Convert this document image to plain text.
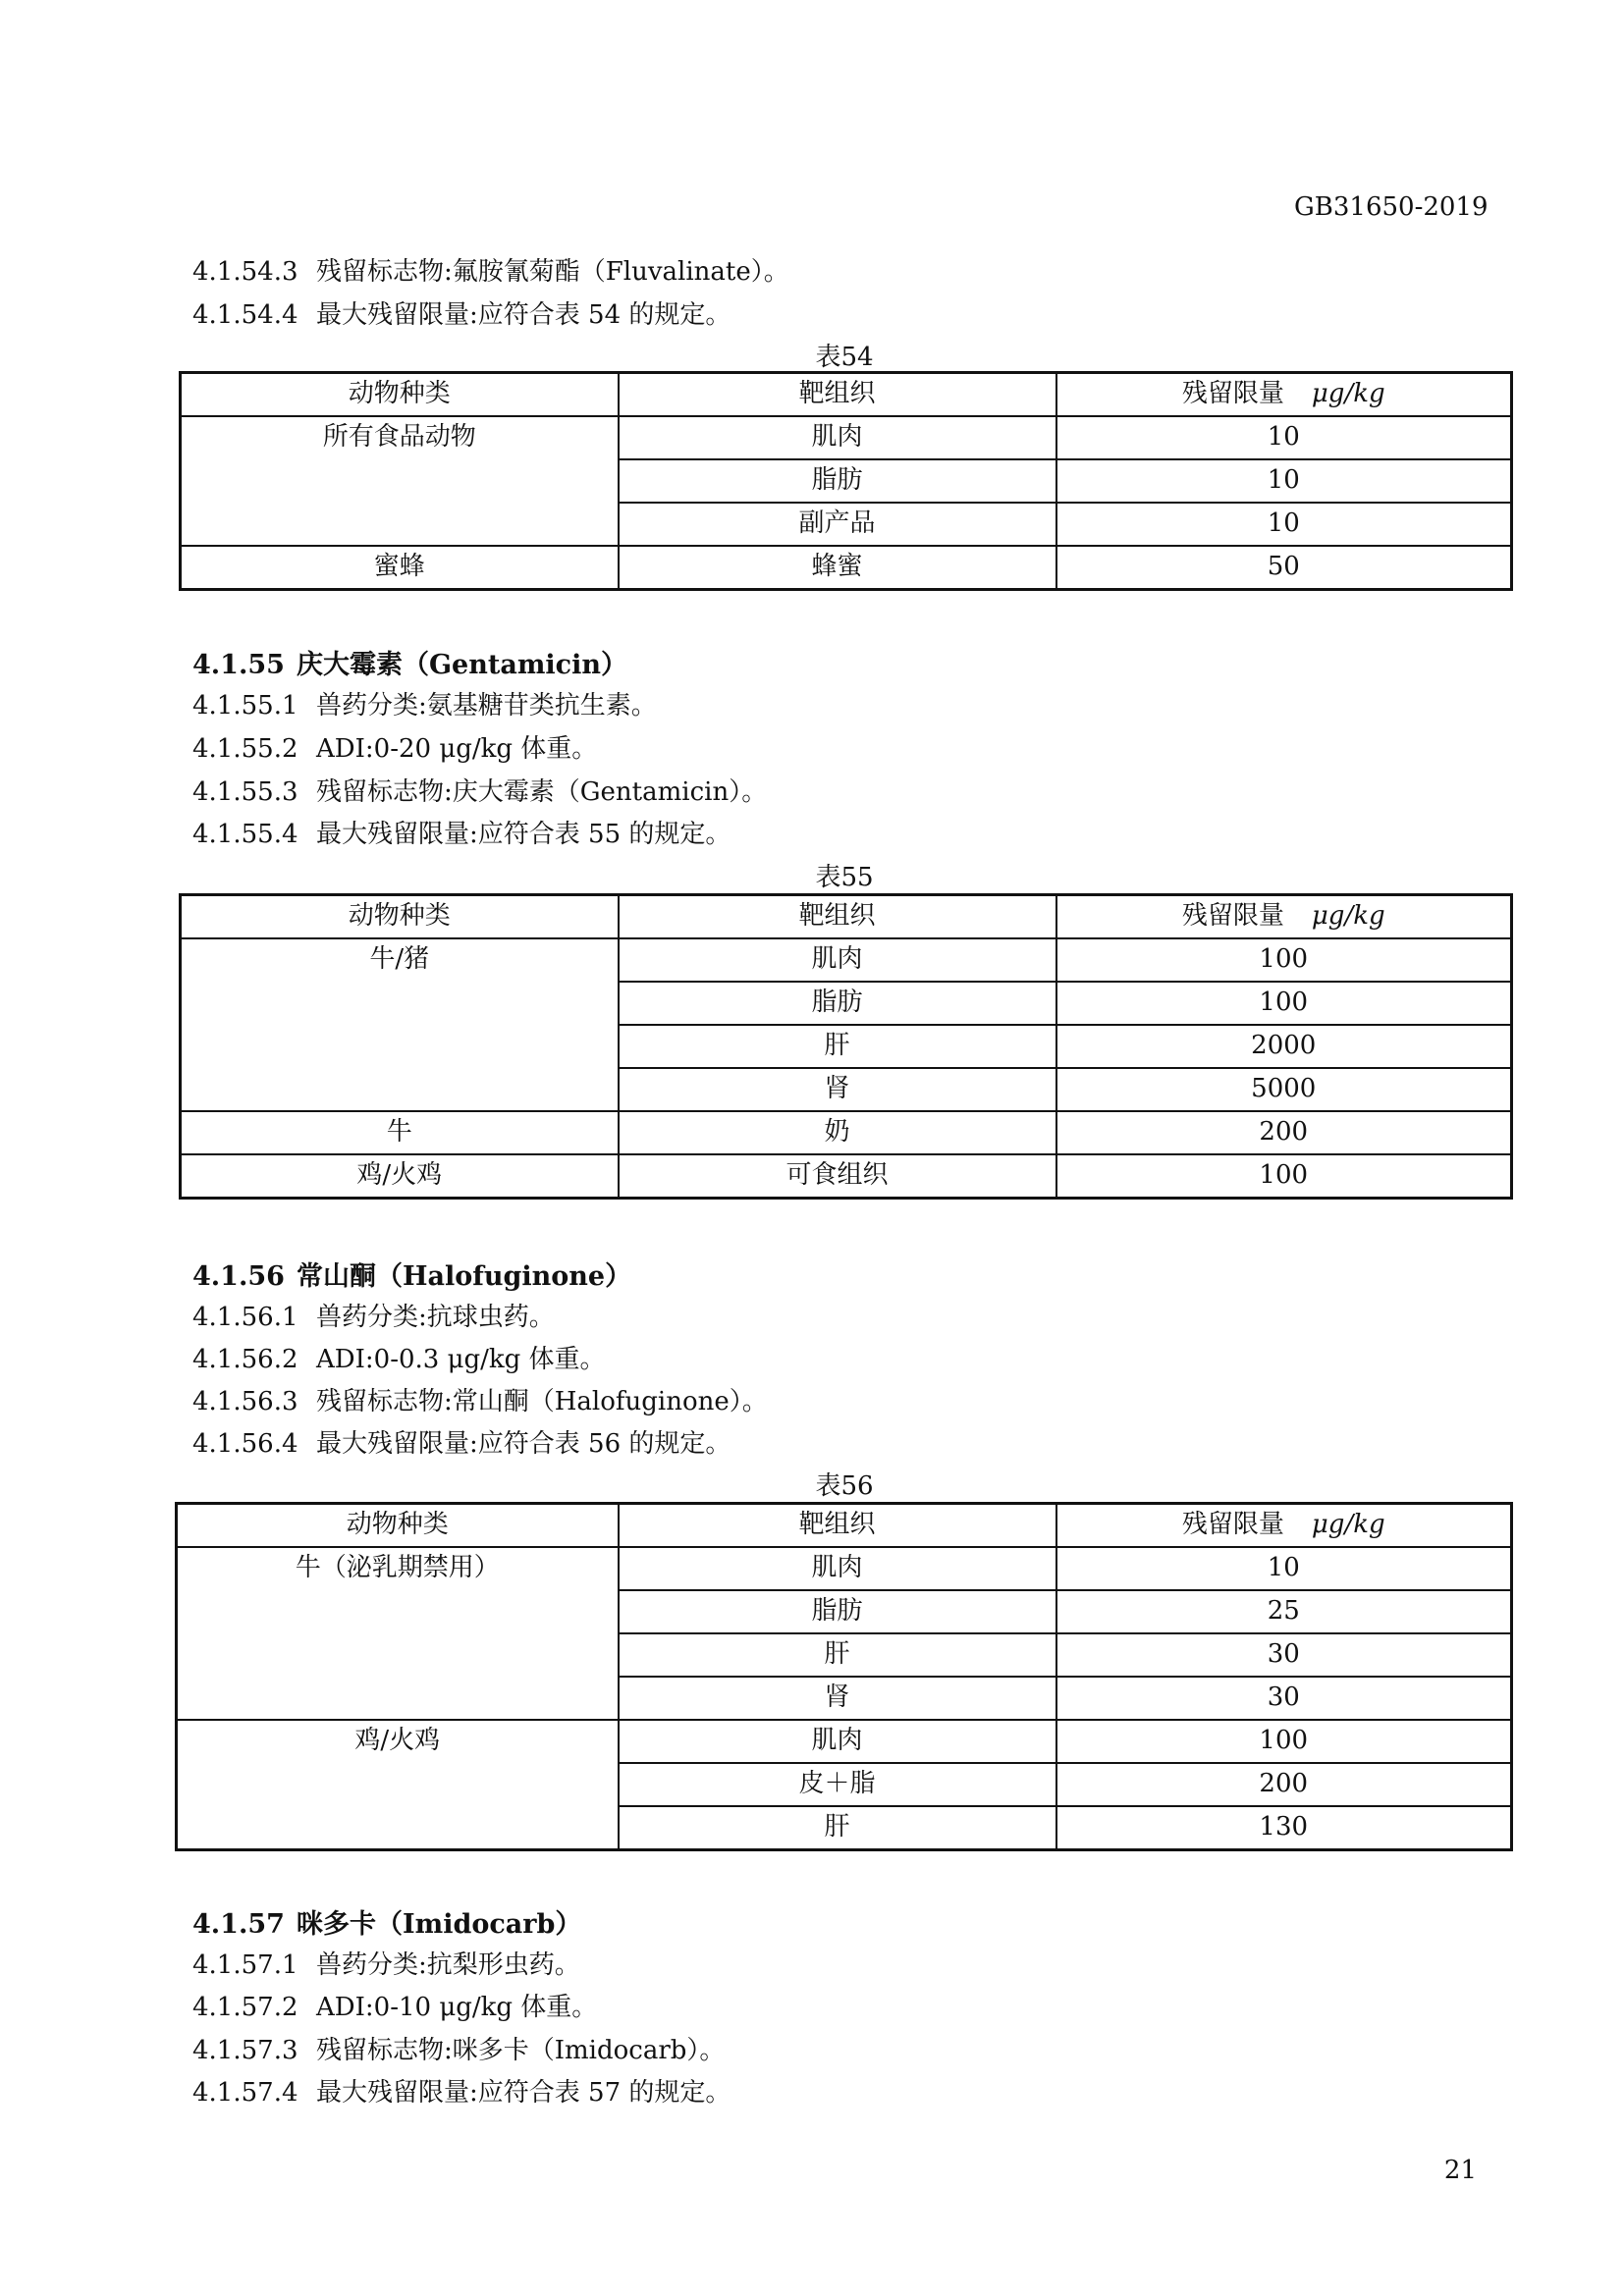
GB31650-2019
4.1.54.3 残留标志物:氟胺氰菊酯（Fluvalinate）。
4.1.54.4 最大残留限量:应符合表 54 的规定。
表54
动物种类	靶组织	残留限量 μg/kg
所有食品动物	肌肉	10
	脂肪	10
	副产品	10
蜜蜂	蜂蜜	50
4.1.55 庆大霉素（Gentamicin）
4.1.55.1 兽药分类:氨基糖苷类抗生素。
4.1.55.2 ADI:0-20 μg/kg 体重。
4.1.55.3 残留标志物:庆大霉素（Gentamicin）。
4.1.55.4 最大残留限量:应符合表 55 的规定。
表55
动物种类	靶组织	残留限量 μg/kg
牛/猪	肌肉	100
	脂肪	100
	肝	2000
	肾	5000
牛	奶	200
鸡/火鸡	可食组织	100
4.1.56 常山酮（Halofuginone）
4.1.56.1 兽药分类:抗球虫药。
4.1.56.2 ADI:0-0.3 μg/kg 体重。
4.1.56.3 残留标志物:常山酮（Halofuginone）。
4.1.56.4 最大残留限量:应符合表 56 的规定。
表56
动物种类	靶组织	残留限量 μg/kg
牛（泌乳期禁用）	肌肉	10
	脂肪	25
	肝	30
	肾	30
鸡/火鸡	肌肉	100
	皮＋脂	200
	肝	130
4.1.57 咪多卡（Imidocarb）
4.1.57.1 兽药分类:抗梨形虫药。
4.1.57.2 ADI:0-10 μg/kg 体重。
4.1.57.3 残留标志物:咪多卡（Imidocarb）。
4.1.57.4 最大残留限量:应符合表 57 的规定。
21
